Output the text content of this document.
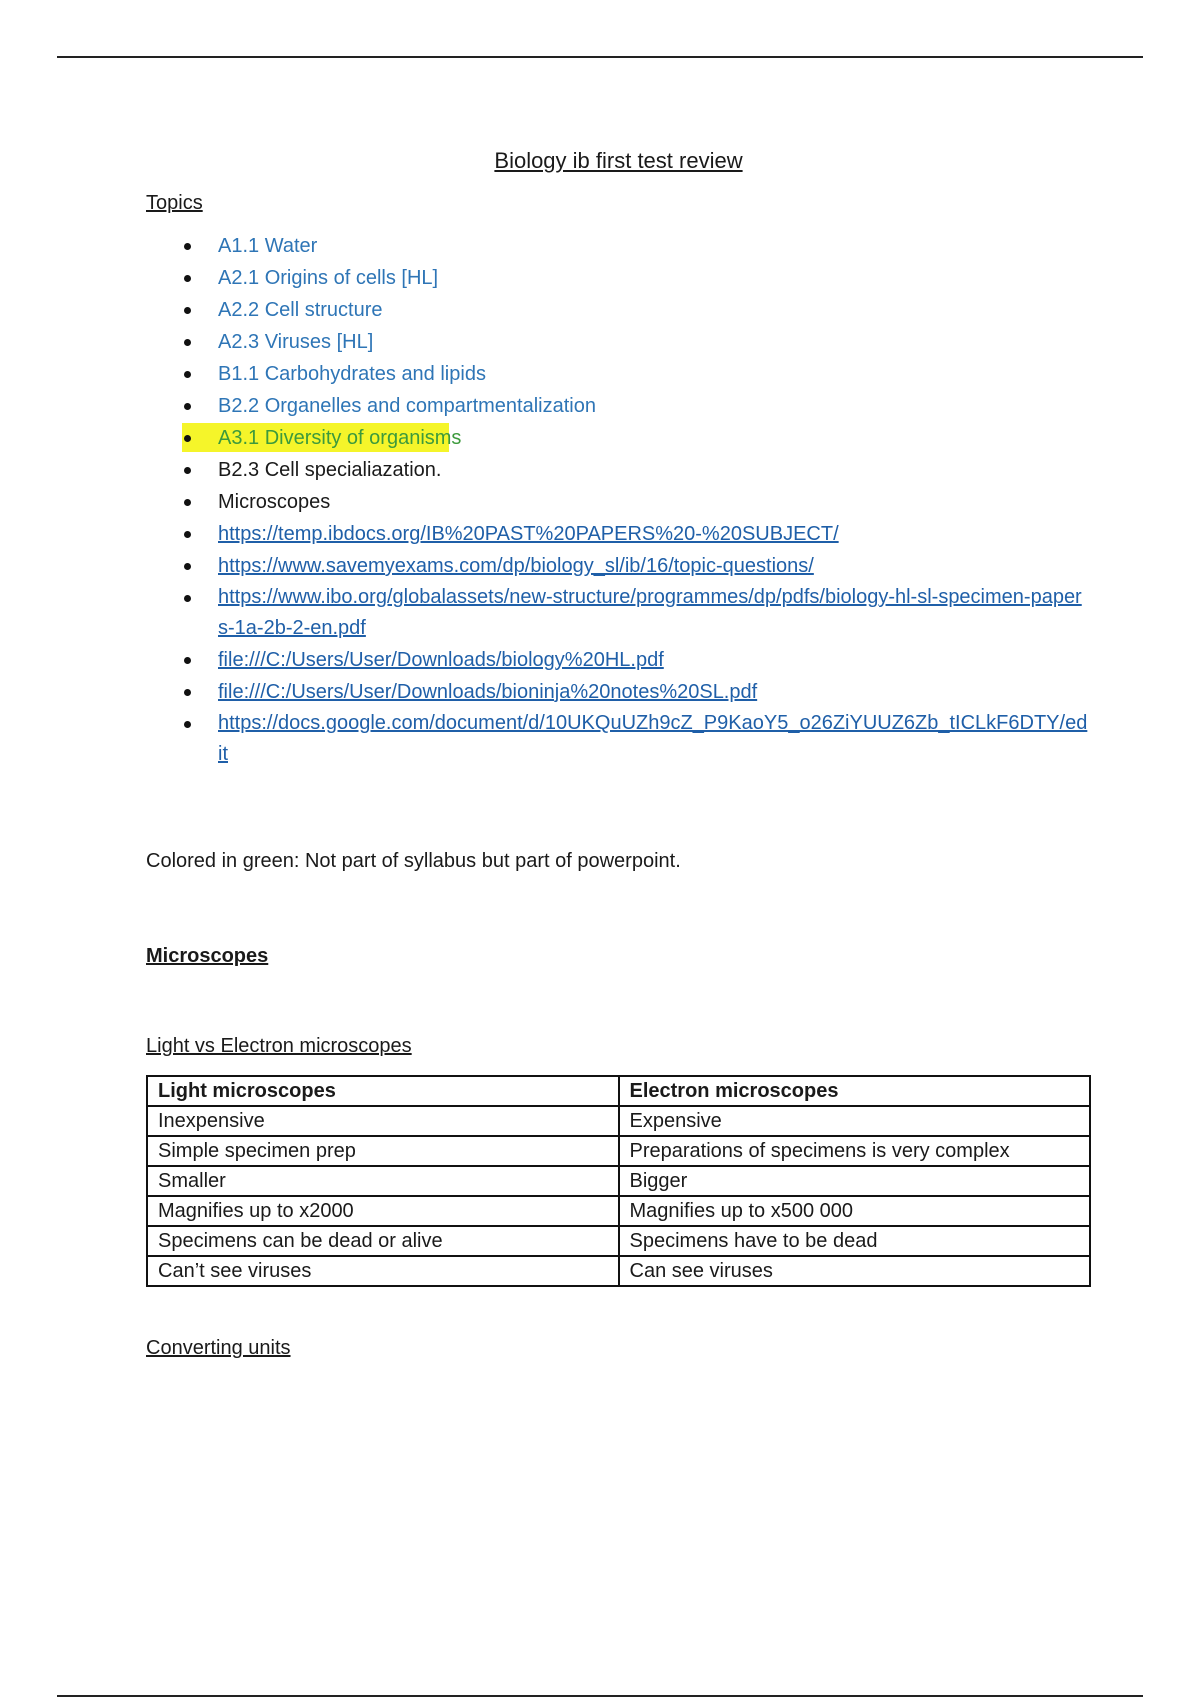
Biology ib first test review
Topics
A1.1 Water
A2.1 Origins of cells [HL]
A2.2 Cell structure
A2.3 Viruses [HL]
B1.1 Carbohydrates and lipids
B2.2 Organelles and compartmentalization
A3.1 Diversity of organisms
B2.3 Cell specialiazation.
Microscopes
https://temp.ibdocs.org/IB%20PAST%20PAPERS%20-%20SUBJECT/
https://www.savemyexams.com/dp/biology_sl/ib/16/topic-questions/
https://www.ibo.org/globalassets/new-structure/programmes/dp/pdfs/biology-hl-sl-specimen-papers-1a-2b-2-en.pdf
file:///C:/Users/User/Downloads/biology%20HL.pdf
file:///C:/Users/User/Downloads/bioninja%20notes%20SL.pdf
https://docs.google.com/document/d/10UKQuUZh9cZ_P9KaoY5_o26ZiYUUZ6Zb_tICLkF6DTY/edit
Colored in green: Not part of syllabus but part of powerpoint.
Microscopes
Light vs Electron microscopes
Light microscopes	Electron microscopes
Inexpensive	Expensive
Simple specimen prep	Preparations of specimens is very complex
Smaller	Bigger
Magnifies up to x2000	Magnifies up to x500 000
Specimens can be dead or alive	Specimens have to be dead
Can’t see viruses	Can see viruses
Converting units
